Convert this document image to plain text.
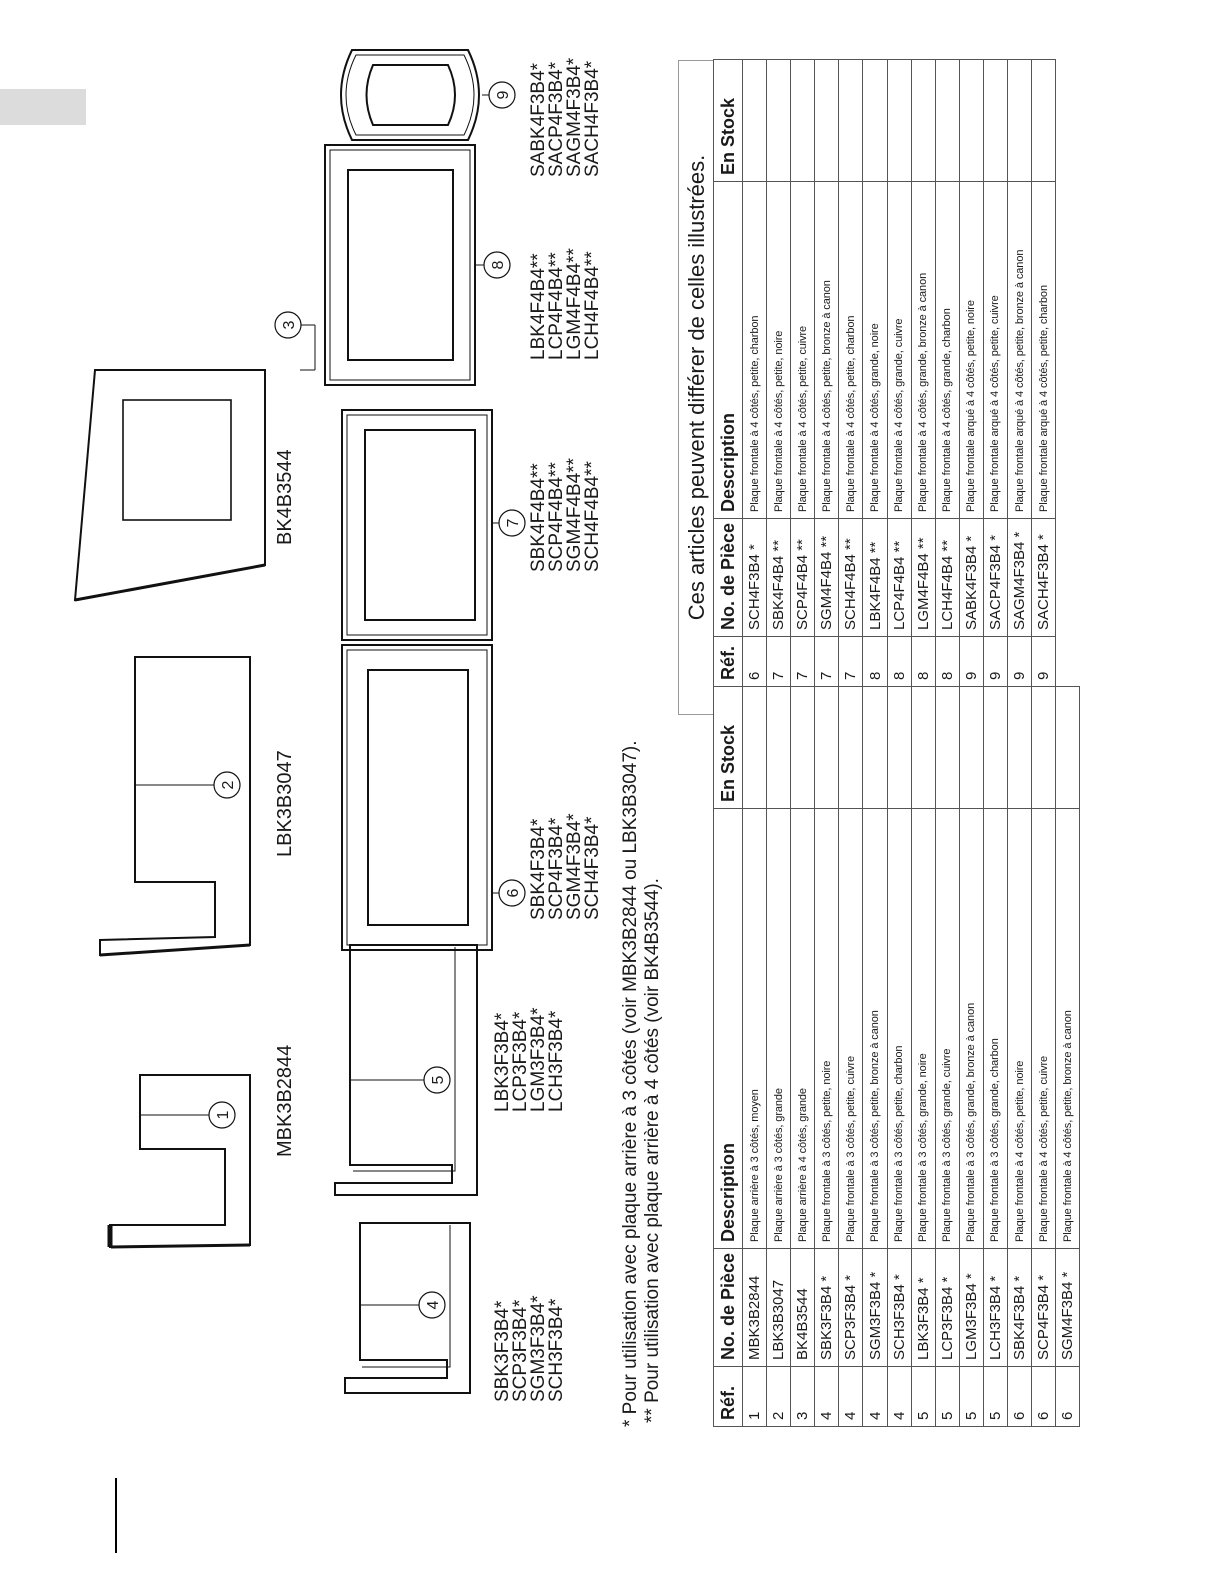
1
2
3
4
5
6
7
8
9
MBK3B2844
LBK3B3047
BK4B3544
SBK3F3B4*
SCP3F3B4*
SGM3F3B4*
SCH3F3B4*
LBK3F3B4*
LCP3F3B4*
LGM3F3B4*
LCH3F3B4*
SBK4F3B4*
SCP4F3B4*
SGM4F3B4*
SCH4F3B4*
SBK4F4B4**
SCP4F4B4**
SGM4F4B4**
SCH4F4B4**
LBK4F4B4**
LCP4F4B4**
LGM4F4B4**
LCH4F4B4**
SABK4F3B4*
SACP4F3B4*
SAGM4F3B4*
SACH4F3B4*
* Pour utilisation avec plaque arrière à 3 côtés (voir MBK3B2844 ou LBK3B3047). ** Pour utilisation avec plaque arrière à 4 côtés (voir BK4B3544).
Ces articles peuvent différer de celles illustrées.
Réf.	No. de Pièce	Description	En Stock
1	MBK3B2844	Plaque arrière à 3 côtés, moyen	
2	LBK3B3047	Plaque arrière à 3 côtés, grande	
3	BK4B3544	Plaque arrière à 4 côtés, grande	
4	SBK3F3B4 *	Plaque frontale à 3 côtés, petite, noire	
4	SCP3F3B4 *	Plaque frontale à 3 côtés, petite, cuivre	
4	SGM3F3B4 *	Plaque frontale à 3 côtés, petite, bronze à canon	
4	SCH3F3B4 *	Plaque frontale à 3 côtés, petite, charbon	
5	LBK3F3B4 *	Plaque frontale à 3 côtés, grande, noire	
5	LCP3F3B4 *	Plaque frontale à 3 côtés, grande, cuivre	
5	LGM3F3B4 *	Plaque frontale à 3 côtés, grande, bronze à canon	
5	LCH3F3B4 *	Plaque frontale à 3 côtés, grande, charbon	
6	SBK4F3B4 *	Plaque frontale à 4 côtés, petite, noire	
6	SCP4F3B4 *	Plaque frontale à 4 côtés, petite, cuivre	
6	SGM4F3B4 *	Plaque frontale à 4 côtés, petite, bronze à canon	
Réf.	No. de Pièce	Description	En Stock
6	SCH4F3B4 *	Plaque frontale à 4 côtés, petite, charbon	
7	SBK4F4B4 **	Plaque frontale à 4 côtés, petite, noire	
7	SCP4F4B4 **	Plaque frontale à 4 côtés, petite, cuivre	
7	SGM4F4B4 **	Plaque frontale à 4 côtés, petite, bronze à canon	
7	SCH4F4B4 **	Plaque frontale à 4 côtés, petite, charbon	
8	LBK4F4B4 **	Plaque frontale à 4 côtés, grande, noire	
8	LCP4F4B4 **	Plaque frontale à 4 côtés, grande, cuivre	
8	LGM4F4B4 **	Plaque frontale à 4 côtés, grande, bronze à canon	
8	LCH4F4B4 **	Plaque frontale à 4 côtés, grande, charbon	
9	SABK4F3B4 *	Plaque frontale arqué à 4 côtés, petite, noire	
9	SACP4F3B4 *	Plaque frontale arqué à 4 côtés, petite, cuivre	
9	SAGM4F3B4 *	Plaque frontale arqué à 4 côtés, petite, bronze à canon	
9	SACH4F3B4 *	Plaque frontale arqué à 4 côtés, petite, charbon	
